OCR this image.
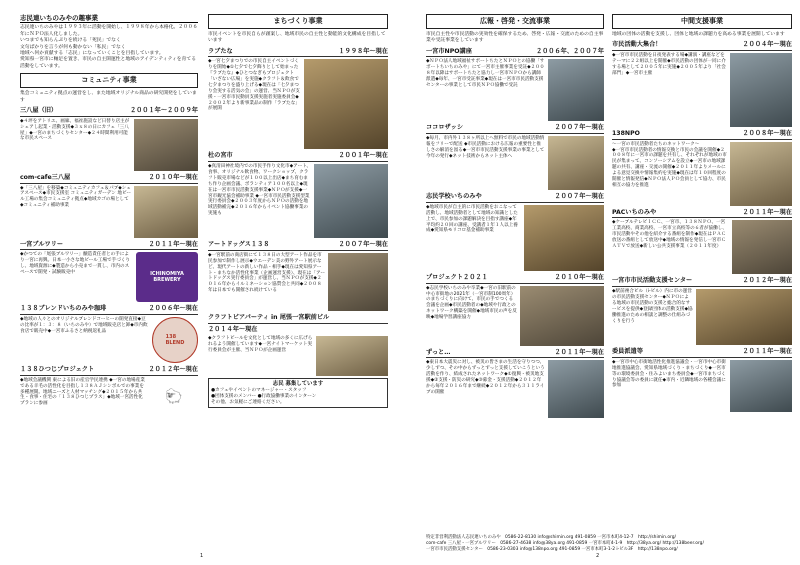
志民連いちのみやの趣事業
志民連いちのみやは１９９３年に活動を開始し、１９９８年から本格化。２００６年にＮＰＯ法人化しました。
いつまでも知らんぷりを続ける「死民」でなく
文句ばかりを言うが何も動かない「私民」でなく
地域へ何か貢献する「志民」になっていくことを目指しています。
愛知県一宮市に軸足を置き、市民の自主開運性と地域のアイデンティティを育てる活動をしています。
コミュニティ事業
集会コミュニティ拠点の運営をし、また地域オリジナル商品の研究開発をしています
三八屋（旧）	２００１年〜２００９年
◆４坪をアトリエ、画廊、福祉施設など日替り店主がシェアし起業・活動支援◆３ｘ８の日にカフェ「三八屋」◆一宮のまちづくりセンター◆２４時間利用可能な市民スペース
com-cafe三八屋	２０１０年〜現在
◆「三八屋」を移築◆コミュニティカフェ＆パブ◆シェアスペース◆市民支援室 コミュニティガーデン 地ビール工場の集会コミュニティ拠点◆地域カゴの場として◆コミュニティ補助事業
一宮ブルワリー	２０１１年〜現在
◆かつての「尾張ブルワリー」醸造責任者との手により一宮に再興。日本一小さな地ビール工場で手づくりし、地域資源に◆製造から小売まで一貫し、市内のスペースで開発・試験販売中	ICHINOMIYA
BREWERY
１３８ブレンドいちのみや珈琲	２００６年〜現在
◆地域の人々とのオリジナルブレンドコーヒーの開発直接◆豆の比率が１：３：８（いちのみや）で地域販売店と卸◆市内飲食店で販売中◆一宮市ふるさと納税返礼品
138
BLEND
１３８ひつじプロジェクト	２０１２年〜現在
◆地域会議機関 東による旧の産官学民連携 ◆一宮の地場産業である羊毛の活性化を目指し１３８ＡＪシンボルでの事業を多種展開。地域ニーズと人材マッチング◆２０１５年から共生・食事・住宅の「１３８ひつじプラス」◆地域一宮活性化プランに参画	🐑
まちづくり事業
市民イベントを市民自らが創案し、地域市民の自主性と動能的文化構成を目指しています
ラブたな	１９９８年〜現在
◆一宮七夕まつりでの市民自主イベントづくりを開始◆①七夕で七夕飾りとして始まった『ラブたな』◆ひとつなぎもプロジェクト「いざない広場」を実施◆クラフト＆飲食で七夕まつりを盛り上げる◆現在は「七夕まつり会実する活気の会」の運営、当ＮＰＯが支援・一宮市市民動員支援実施者実施委員会◆２００２年より新事業品の制作「ラブたな」が展開
杜の宮市	２００１年〜現在
◆真清田神社境内での市民手作り文化市◆アート、食事、オリジナル飲食物、ワークショップ、クラフト販売市場などが１００以上出店◆まち育むまち作り企画会議、ボランティア１００名以上◆現在は一宮市市民活動支援事業◆ＮＰＯが支援◆一宮市観光協会補助事業 ◆一宮市市民活動支援型業実行委員会◆２００３年度からＮＰＯの活動を地域活動補完◆２０１６年からイベント協働事業の実施も
アートドッグス１３８	２００７年〜現在
◆一宮駅前の商店街にて１３８日の大型アート作品を市民参加で制作し展示◆ウエーデン美の野外アート展示など、現代アートの新しい作品・相手◆現在は愛知県アート・まちなか活性化事業（企画運営支援）、現在は「アートドッグス実行委員会」が運営し、当ＮＰＯが支援◆２０１６年からイルミネーション協賛会と共同◆２００８年は日本でも開催され続けている
クラフトビアパーティ in 尾張一宮駅前ビル
２０１４年〜現在
◆クラフトビールを文化として地域の多くに広げられるよう開催しています◆一宮ナイトマーケット実行委員会が主催、当ＮＰＯが企画運営
志民 募集しています
●カフェやイベントのマネージャー・スタッフ
●団体支援のメンバー ●行政協働事業のインターン
その他、お気軽にご連絡ください。
1
広報・啓発・交流事業
市民自主性や市民活動の実効性を確保するため、啓発・広報・交流のための自主事業や受託事業をしています
一宮市NPO講座	２００６年、２００７年
◆ＮＰＯ法人地域福祉サポートちたとＮＰＯとの協働「サポートちいちのみや」にて一宮市主催事業を受託◆２００８年以降はサポートちたと協力し一宮市ＮＰＯから講師派遣◆毎年、一宮市受託事業◆現在は一宮市市民活動支援センターの事業として市民ＮＰＯ協働で受託
ココロザッシ	２００７年〜現在
◆毎月、市内外１３８ヶ所以上へ無料で市民の地域活動情報をフリーで配送 ◆市民活動における広報の重要性と推しさの解消を図る◆一宮市市民活動支援事業の事業として今年の発行◆ネット技術からネット主体へ
志民学校いちのみや	２００７年〜現在
◆地域市民が自主的に市民活動をおこなって活動し、地域活動者として地域の知識とした上で、市民参加の課題解決を目指す講座◆年平均約２０回の講座、受講者１年１人以上養成◆愛知県モリコロ基金補助事業
プロジェクト２０２１	２０１０年〜現在
◆志民学校いちのみや卒業◆一宮の旧駅前の中心市街地の2021年（一宮市制100周年）のまちづくりに向けて、市民の手でつくる会議を企画◆市民活動者の◆地域や行政とのネットワーク構築を開催◆地域市民の声を反映◆地場学習講座協力
ずっと…	２０１１年〜現在
◆東日本大震災に対し、被災の皆さまの生活を守りつつ、少しずつ、その中からずっとずっと支援していこうという活動を作り、結成されたネットワーク◆①復興・被災地支援◆②支援・防災の研究◆③募金・支援活動◆２０１２年から毎年２０１６年まで継続◆２０１２年から３１１ライブの開催
中間支援事業
地域の団体の活動を支援し、団体と地域の課題力を高める事業を展開しています
市民活動大集合！	２００４年〜現在
◆一宮市市民活動を日夜発表する場◆講演・講座などをテーマに２２組以上を開催◆市民活動の団体が一同に介する場として２００５年に実施◆２００５年より「社会部門」◆一宮市主催
138NPO	２００８年〜現在
〜一宮の市民活動者たちのネットワーク〜
◆一宮市市民活動者の情報交換と市民の会議を開催◆２００８年に一宮市の課題を共有し、それぞれが地域の市民が集まって、コンソーシアムを設立◆一宮市の地域課題の共有、講座・交流の開催◆２０１１年よりメールによる意見交換や情報集約を実施◆現在は年１０回程度の開催と情報発信◆ＮＰＯ法人ＰＯ会員として協力、市民相互の協力を推進
PACいちのみや	２０１１年〜現在
◆ケーブルテレビＩＣＣ、一宮市、１３８ＮＰＯ、一宮工業高校、商業高校、一宮市立高校等の６者が協働し、市民活動やその他を紹介する番組を制作◆現在はＰＡＣ放送の番組として放送中◆地域の情報を発信し一宮市ＣＡＴＶで放送◆新しい公共支援事業（２０１１年度）
一宮市市民活動支援センター	２０１２年〜現在
◆駅前複合ビル（i-ビル）内に市の運営の市民活動支援センター◆ＮＰＯによる地域の市民活動の支援と総合的なサービスを提供◆登録団体の活動支援◆協働推進のための相談と調整の仕組みづくりを行う
委員派遣等	２０１１年〜現在
◆一宮市中心市街地活性化推進協議会・一宮市中心市街地推進協議会、愛知県地域づくり・まちづくり◆一宮市等の環境委員会・住みよいまち委員会◆一宮市まちづくり協議会等の委員に就任◆市内・近隣地域の各種会議に参加
特定非営利活動法人志民連いちのみや　0586-22-8130 info@shimin.org 491-0859 一宮市本町4-12-7　http://shimin.org/
com-cafe 三八屋・一宮ブルワリー　0586-27-4638 info@38ya.org 491-0859 一宮市本町4-1-9　http://38ya.org/ http://138beer.org/
一宮市市民活動支援センター　0586-23-0303 info@138npo.org 491-0859 一宮市本町3-1-2 i-ビル3F　http://138npo.org/
2
